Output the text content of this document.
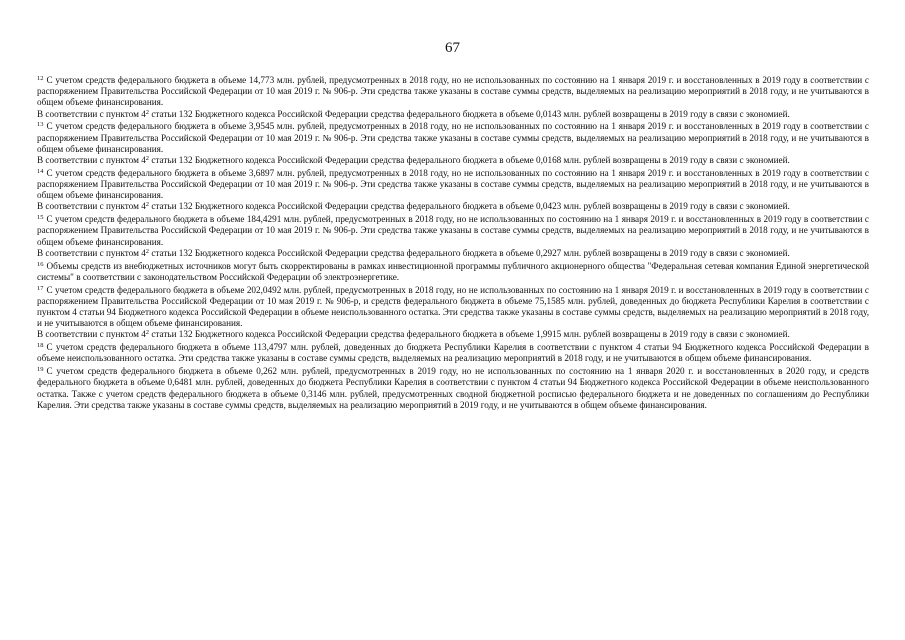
67

$^{12}$ С учетом средств федерального бюджета в объеме 14,773 млн. рублей, предусмотренных в 2018 году, но не использованных по состоянию на 1 января 2019 г. и восстановленных в 2019 году в соответствии с распоряжением Правительства Российской Федерации от 10 мая 2019 г. № 906-р. Эти средства также указаны в составе суммы средств, выделяемых на реализацию мероприятий в 2018 году, и не учитываются в общем объеме финансирования.

В соответствии с пунктом $4^2$ статьи 132 Бюджетного кодекса Российской Федерации средства федерального бюджета в объеме 0,0143 млн. рублей возвращены в 2019 году в связи с экономией.

$^{13}$ С учетом средств федерального бюджета в объеме 3,9545 млн. рублей, предусмотренных в 2018 году, но не использованных по состоянию на 1 января 2019 г. и восстановленных в 2019 году в соответствии с распоряжением Правительства Российской Федерации от 10 мая 2019 г. № 906-р. Эти средства также указаны в составе суммы средств, выделяемых на реализацию мероприятий в 2018 году, и не учитываются в общем объеме финансирования.

В соответствии с пунктом $4^2$ статьи 132 Бюджетного кодекса Российской Федерации средства федерального бюджета в объеме 0,0168 млн. рублей возвращены в 2019 году в связи с экономией.

$^{14}$ С учетом средств федерального бюджета в объеме 3,6897 млн. рублей, предусмотренных в 2018 году, но не использованных по состоянию на 1 января 2019 г. и восстановленных в 2019 году в соответствии с распоряжением Правительства Российской Федерации от 10 мая 2019 г. № 906-р. Эти средства также указаны в составе суммы средств, выделяемых на реализацию мероприятий в 2018 году, и не учитываются в общем объеме финансирования.

В соответствии с пунктом $4^2$ статьи 132 Бюджетного кодекса Российской Федерации средства федерального бюджета в объеме 0,0423 млн. рублей возвращены в 2019 году в связи с экономией.

$^{15}$ С учетом средств федерального бюджета в объеме 184,4291 млн. рублей, предусмотренных в 2018 году, но не использованных по состоянию на 1 января 2019 г. и восстановленных в 2019 году в соответствии с распоряжением Правительства Российской Федерации от 10 мая 2019 г. № 906-р. Эти средства также указаны в составе суммы средств, выделяемых на реализацию мероприятий в 2018 году, и не учитываются в общем объеме финансирования.

В соответствии с пунктом $4^2$ статьи 132 Бюджетного кодекса Российской Федерации средства федерального бюджета в объеме 0,2927 млн. рублей возвращены в 2019 году в связи с экономией.

$^{16}$ Объемы средств из внебюджетных источников могут быть скорректированы в рамках инвестиционной программы публичного акционерного общества "Федеральная сетевая компания Единой энергетической системы" в соответствии с законодательством Российской Федерации об электроэнергетике.

$^{17}$ С учетом средств федерального бюджета в объеме 202,0492 млн. рублей, предусмотренных в 2018 году, но не использованных по состоянию на 1 января 2019 г. и восстановленных в 2019 году в соответствии с распоряжением Правительства Российской Федерации от 10 мая 2019 г. № 906-р, и средств федерального бюджета в объеме 75,1585 млн. рублей, доведенных до бюджета Республики Карелия в соответствии с пунктом 4 статьи 94 Бюджетного кодекса Российской Федерации в объеме неиспользованного остатка. Эти средства также указаны в составе суммы средств, выделяемых на реализацию мероприятий в 2018 году, и не учитываются в общем объеме финансирования.

В соответствии с пунктом $4^2$ статьи 132 Бюджетного кодекса Российской Федерации средства федерального бюджета в объеме 1,9915 млн. рублей возвращены в 2019 году в связи с экономией.

$^{18}$ С учетом средств федерального бюджета в объеме 113,4797 млн. рублей, доведенных до бюджета Республики Карелия в соответствии с пунктом 4 статьи 94 Бюджетного кодекса Российской Федерации в объеме неиспользованного остатка. Эти средства также указаны в составе суммы средств, выделяемых на реализацию мероприятий в 2018 году, и не учитываются в общем объеме финансирования.

$^{19}$ С учетом средств федерального бюджета в объеме 0,262 млн. рублей, предусмотренных в 2019 году, но не использованных по состоянию на 1 января 2020 г. и восстановленных в 2020 году, и средств федерального бюджета в объеме 0,6481 млн. рублей, доведенных до бюджета Республики Карелия в соответствии с пунктом 4 статьи 94 Бюджетного кодекса Российской Федерации в объеме неиспользованного остатка. Также с учетом средств федерального бюджета в объеме 0,3146 млн. рублей, предусмотренных сводной бюджетной росписью федерального бюджета и не доведенных по соглашениям до Республики Карелия. Эти средства также указаны в составе суммы средств, выделяемых на реализацию мероприятий в 2019 году, и не учитываются в общем объеме финансирования.
